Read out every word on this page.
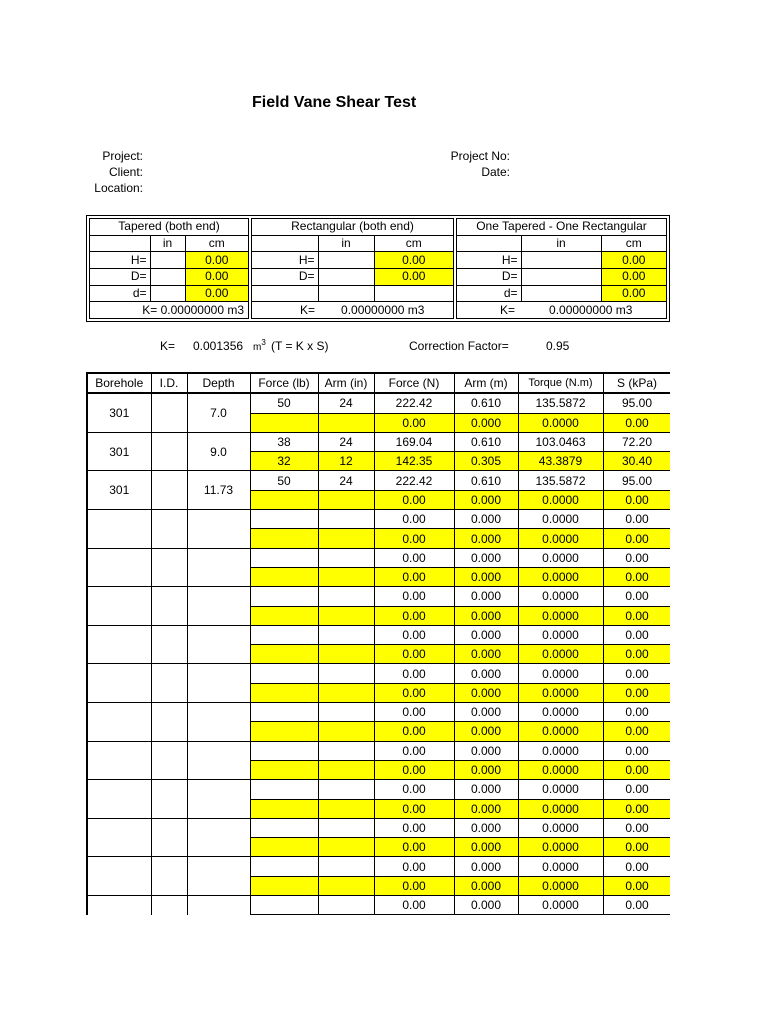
Field Vane Shear Test
Project:
Client:
Location:
Project No:
Date:
Tapered (both end)		
	in	cm
H=		0.00
D=		0.00
d=		0.00
K= 0.00000000 m3		
Rectangular (both end)		
	in	cm
H=		0.00
D=		0.00

K= 0.00000000 m3		
One Tapered - One Rectangular		
	in	cm
H=		0.00
D=		0.00
d=		0.00
K= 0.00000000 m3		
K= 0.001356 $m^3$ (T = K x S)	Correction Factor=	0.95
Borehole	I.D.	Depth	Force (lb)	Arm (in)	Force (N)	Arm (m)	Torque (N.m)	S (kPa)
301		7.0	50	24	222.42	0.610	135.5872	95.00
					0.00	0.000	0.0000	0.00
301		9.0	38	24	169.04	0.610	103.0463	72.20
			32	12	142.35	0.305	43.3879	30.40
301		11.73	50	24	222.42	0.610	135.5872	95.00
					0.00	0.000	0.0000	0.00
					0.00	0.000	0.0000	0.00
					0.00	0.000	0.0000	0.00
					0.00	0.000	0.0000	0.00
					0.00	0.000	0.0000	0.00
					0.00	0.000	0.0000	0.00
					0.00	0.000	0.0000	0.00
					0.00	0.000	0.0000	0.00
					0.00	0.000	0.0000	0.00
					0.00	0.000	0.0000	0.00
					0.00	0.000	0.0000	0.00
					0.00	0.000	0.0000	0.00
					0.00	0.000	0.0000	0.00
					0.00	0.000	0.0000	0.00
					0.00	0.000	0.0000	0.00
					0.00	0.000	0.0000	0.00
					0.00	0.000	0.0000	0.00
					0.00	0.000	0.0000	0.00
					0.00	0.000	0.0000	0.00
					0.00	0.000	0.0000	0.00
					0.00	0.000	0.0000	0.00
					0.00	0.000	0.0000	0.00
